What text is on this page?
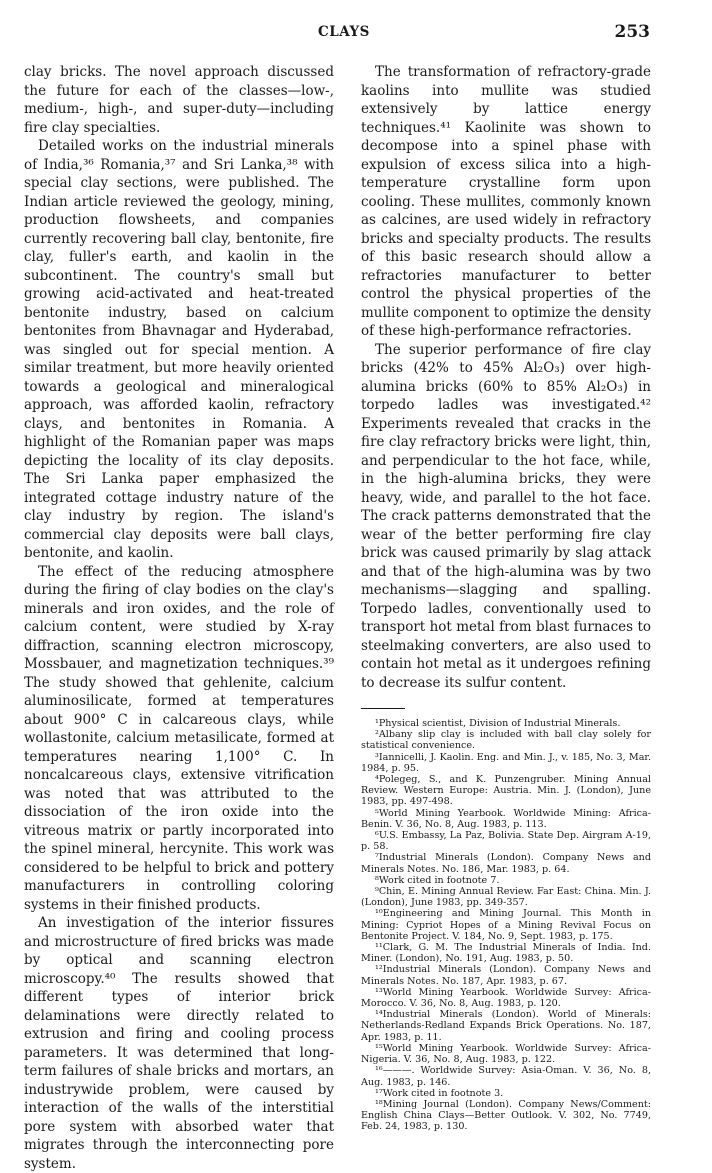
CLAYS	253

clay bricks. The novel approach discussed the future for each of the classes—low-, medium-, high-, and super-duty—including fire clay specialties.

Detailed works on the industrial minerals of India,³⁶ Romania,³⁷ and Sri Lanka,³⁸ with special clay sections, were published. The Indian article reviewed the geology, mining, production flowsheets, and companies currently recovering ball clay, bentonite, fire clay, fuller's earth, and kaolin in the subcontinent. The country's small but growing acid-activated and heat-treated bentonite industry, based on calcium bentonites from Bhavnagar and Hyderabad, was singled out for special mention. A similar treatment, but more heavily oriented towards a geological and mineralogical approach, was afforded kaolin, refractory clays, and bentonites in Romania. A highlight of the Romanian paper was maps depicting the locality of its clay deposits. The Sri Lanka paper emphasized the integrated cottage industry nature of the clay industry by region. The island's commercial clay deposits were ball clays, bentonite, and kaolin.

The effect of the reducing atmosphere during the firing of clay bodies on the clay's minerals and iron oxides, and the role of calcium content, were studied by X-ray diffraction, scanning electron microscopy, Mossbauer, and magnetization techniques.³⁹ The study showed that gehlenite, calcium aluminosilicate, formed at temperatures about 900° C in calcareous clays, while wollastonite, calcium metasilicate, formed at temperatures nearing 1,100° C. In noncalcareous clays, extensive vitrification was noted that was attributed to the dissociation of the iron oxide into the vitreous matrix or partly incorporated into the spinel mineral, hercynite. This work was considered to be helpful to brick and pottery manufacturers in controlling coloring systems in their finished products.

An investigation of the interior fissures and microstructure of fired bricks was made by optical and scanning electron microscopy.⁴⁰ The results showed that different types of interior brick delaminations were directly related to extrusion and firing and cooling process parameters. It was determined that long-term failures of shale bricks and mortars, an industrywide problem, were caused by interaction of the walls of the interstitial pore system with absorbed water that migrates through the interconnecting pore system.

The transformation of refractory-grade kaolins into mullite was studied extensively by lattice energy techniques.⁴¹ Kaolinite was shown to decompose into a spinel phase with expulsion of excess silica into a high-temperature crystalline form upon cooling. These mullites, commonly known as calcines, are used widely in refractory bricks and specialty products. The results of this basic research should allow a refractories manufacturer to better control the physical properties of the mullite component to optimize the density of these high-performance refractories.

The superior performance of fire clay bricks (42% to 45% Al₂O₃) over high-alumina bricks (60% to 85% Al₂O₃) in torpedo ladles was investigated.⁴² Experiments revealed that cracks in the fire clay refractory bricks were light, thin, and perpendicular to the hot face, while, in the high-alumina bricks, they were heavy, wide, and parallel to the hot face. The crack patterns demonstrated that the wear of the better performing fire clay brick was caused primarily by slag attack and that of the high-alumina was by two mechanisms—slagging and spalling. Torpedo ladles, conventionally used to transport hot metal from blast furnaces to steelmaking converters, are also used to contain hot metal as it undergoes refining to decrease its sulfur content.

¹Physical scientist, Division of Industrial Minerals.

²Albany slip clay is included with ball clay solely for statistical convenience.

³Iannicelli, J. Kaolin. Eng. and Min. J., v. 185, No. 3, Mar. 1984, p. 95.

⁴Polegeg, S., and K. Punzengruber. Mining Annual Review. Western Europe: Austria. Min. J. (London), June 1983, pp. 497-498.

⁵World Mining Yearbook. Worldwide Mining: Africa-Benin. V. 36, No. 8, Aug. 1983, p. 113.

⁶U.S. Embassy, La Paz, Bolivia. State Dep. Airgram A-19, p. 58.

⁷Industrial Minerals (London). Company News and Minerals Notes. No. 186, Mar. 1983, p. 64.

⁸Work cited in footnote 7.

⁹Chin, E. Mining Annual Review. Far East: China. Min. J. (London), June 1983, pp. 349-357.

¹⁰Engineering and Mining Journal. This Month in Mining: Cypriot Hopes of a Mining Revival Focus on Bentonite Project. V. 184, No. 9, Sept. 1983, p. 175.

¹¹Clark, G. M. The Industrial Minerals of India. Ind. Miner. (London), No. 191, Aug. 1983, p. 50.

¹²Industrial Minerals (London). Company News and Minerals Notes. No. 187, Apr. 1983, p. 67.

¹³World Mining Yearbook. Worldwide Survey: Africa-Morocco. V. 36, No. 8, Aug. 1983, p. 120.

¹⁴Industrial Minerals (London). World of Minerals: Netherlands-Redland Expands Brick Operations. No. 187, Apr. 1983, p. 11.

¹⁵World Mining Yearbook. Worldwide Survey: Africa-Nigeria. V. 36, No. 8, Aug. 1983, p. 122.

¹⁶———. Worldwide Survey: Asia-Oman. V. 36, No. 8, Aug. 1983, p. 146.

¹⁷Work cited in footnote 3.

¹⁸Mining Journal (London). Company News/Comment: English China Clays—Better Outlook. V. 302, No. 7749, Feb. 24, 1983, p. 130.
